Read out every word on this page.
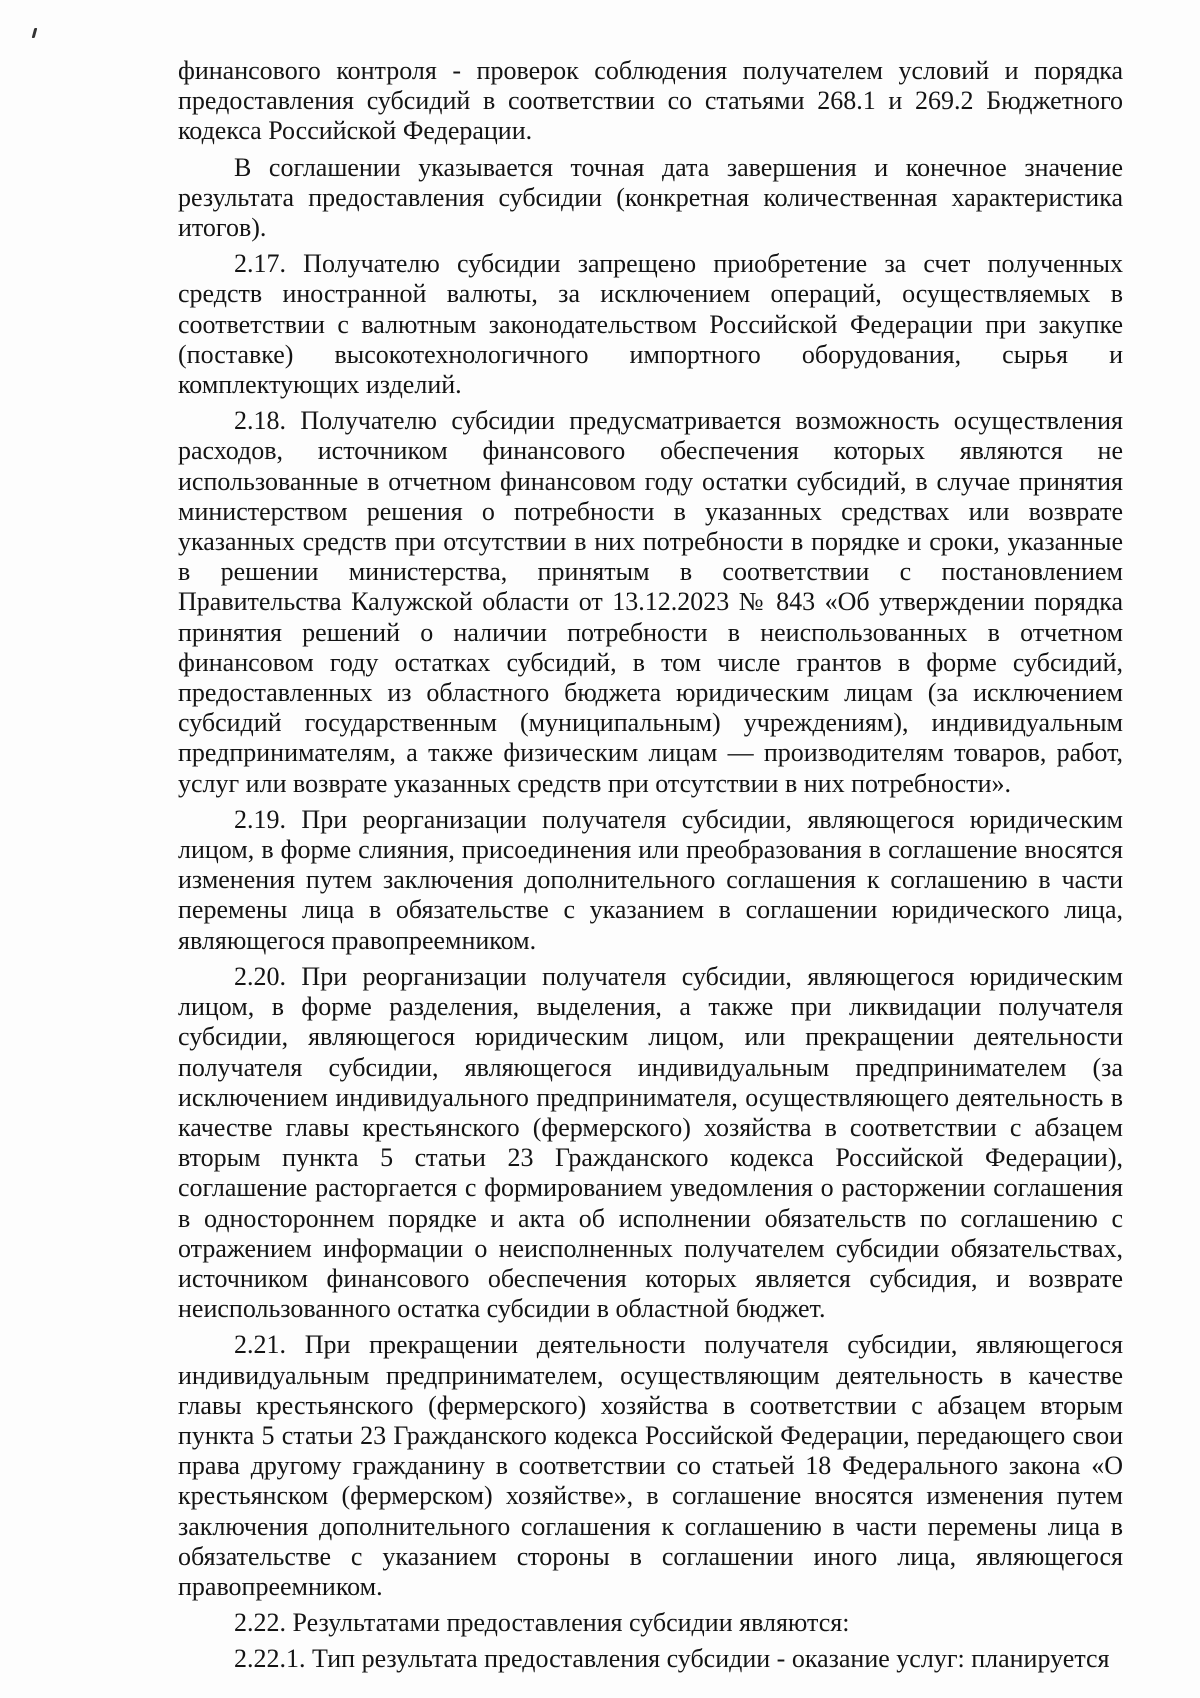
финансового контроля - проверок соблюдения получателем условий и порядка предоставления субсидий в соответствии со статьями 268.1 и 269.2 Бюджетного кодекса Российской Федерации.

В соглашении указывается точная дата завершения и конечное значение результата предоставления субсидии (конкретная количественная характеристика итогов).

2.17. Получателю субсидии запрещено приобретение за счет полученных средств иностранной валюты, за исключением операций, осуществляемых в соответствии с валютным законодательством Российской Федерации при закупке (поставке) высокотехнологичного импортного оборудования, сырья и комплектующих изделий.

2.18. Получателю субсидии предусматривается возможность осуществления расходов, источником финансового обеспечения которых являются не использованные в отчетном финансовом году остатки субсидий, в случае принятия министерством решения о потребности в указанных средствах или возврате указанных средств при отсутствии в них потребности в порядке и сроки, указанные в решении министерства, принятым в соответствии с постановлением Правительства Калужской области от 13.12.2023 № 843 «Об утверждении порядка принятия решений о наличии потребности в неиспользованных в отчетном финансовом году остатках субсидий, в том числе грантов в форме субсидий, предоставленных из областного бюджета юридическим лицам (за исключением субсидий государственным (муниципальным) учреждениям), индивидуальным предпринимателям, а также физическим лицам — производителям товаров, работ, услуг или возврате указанных средств при отсутствии в них потребности».

2.19. При реорганизации получателя субсидии, являющегося юридическим лицом, в форме слияния, присоединения или преобразования в соглашение вносятся изменения путем заключения дополнительного соглашения к соглашению в части перемены лица в обязательстве с указанием в соглашении юридического лица, являющегося правопреемником.

2.20. При реорганизации получателя субсидии, являющегося юридическим лицом, в форме разделения, выделения, а также при ликвидации получателя субсидии, являющегося юридическим лицом, или прекращении деятельности получателя субсидии, являющегося индивидуальным предпринимателем (за исключением индивидуального предпринимателя, осуществляющего деятельность в качестве главы крестьянского (фермерского) хозяйства в соответствии с абзацем вторым пункта 5 статьи 23 Гражданского кодекса Российской Федерации), соглашение расторгается с формированием уведомления о расторжении соглашения в одностороннем порядке и акта об исполнении обязательств по соглашению с отражением информации о неисполненных получателем субсидии обязательствах, источником финансового обеспечения которых является субсидия, и возврате неиспользованного остатка субсидии в областной бюджет.

2.21. При прекращении деятельности получателя субсидии, являющегося индивидуальным предпринимателем, осуществляющим деятельность в качестве главы крестьянского (фермерского) хозяйства в соответствии с абзацем вторым пункта 5 статьи 23 Гражданского кодекса Российской Федерации, передающего свои права другому гражданину в соответствии со статьей 18 Федерального закона «О крестьянском (фермерском) хозяйстве», в соглашение вносятся изменения путем заключения дополнительного соглашения к соглашению в части перемены лица в обязательстве с указанием стороны в соглашении иного лица, являющегося правопреемником.

2.22. Результатами предоставления субсидии являются:

2.22.1. Тип результата предоставления субсидии - оказание услуг: планируется
